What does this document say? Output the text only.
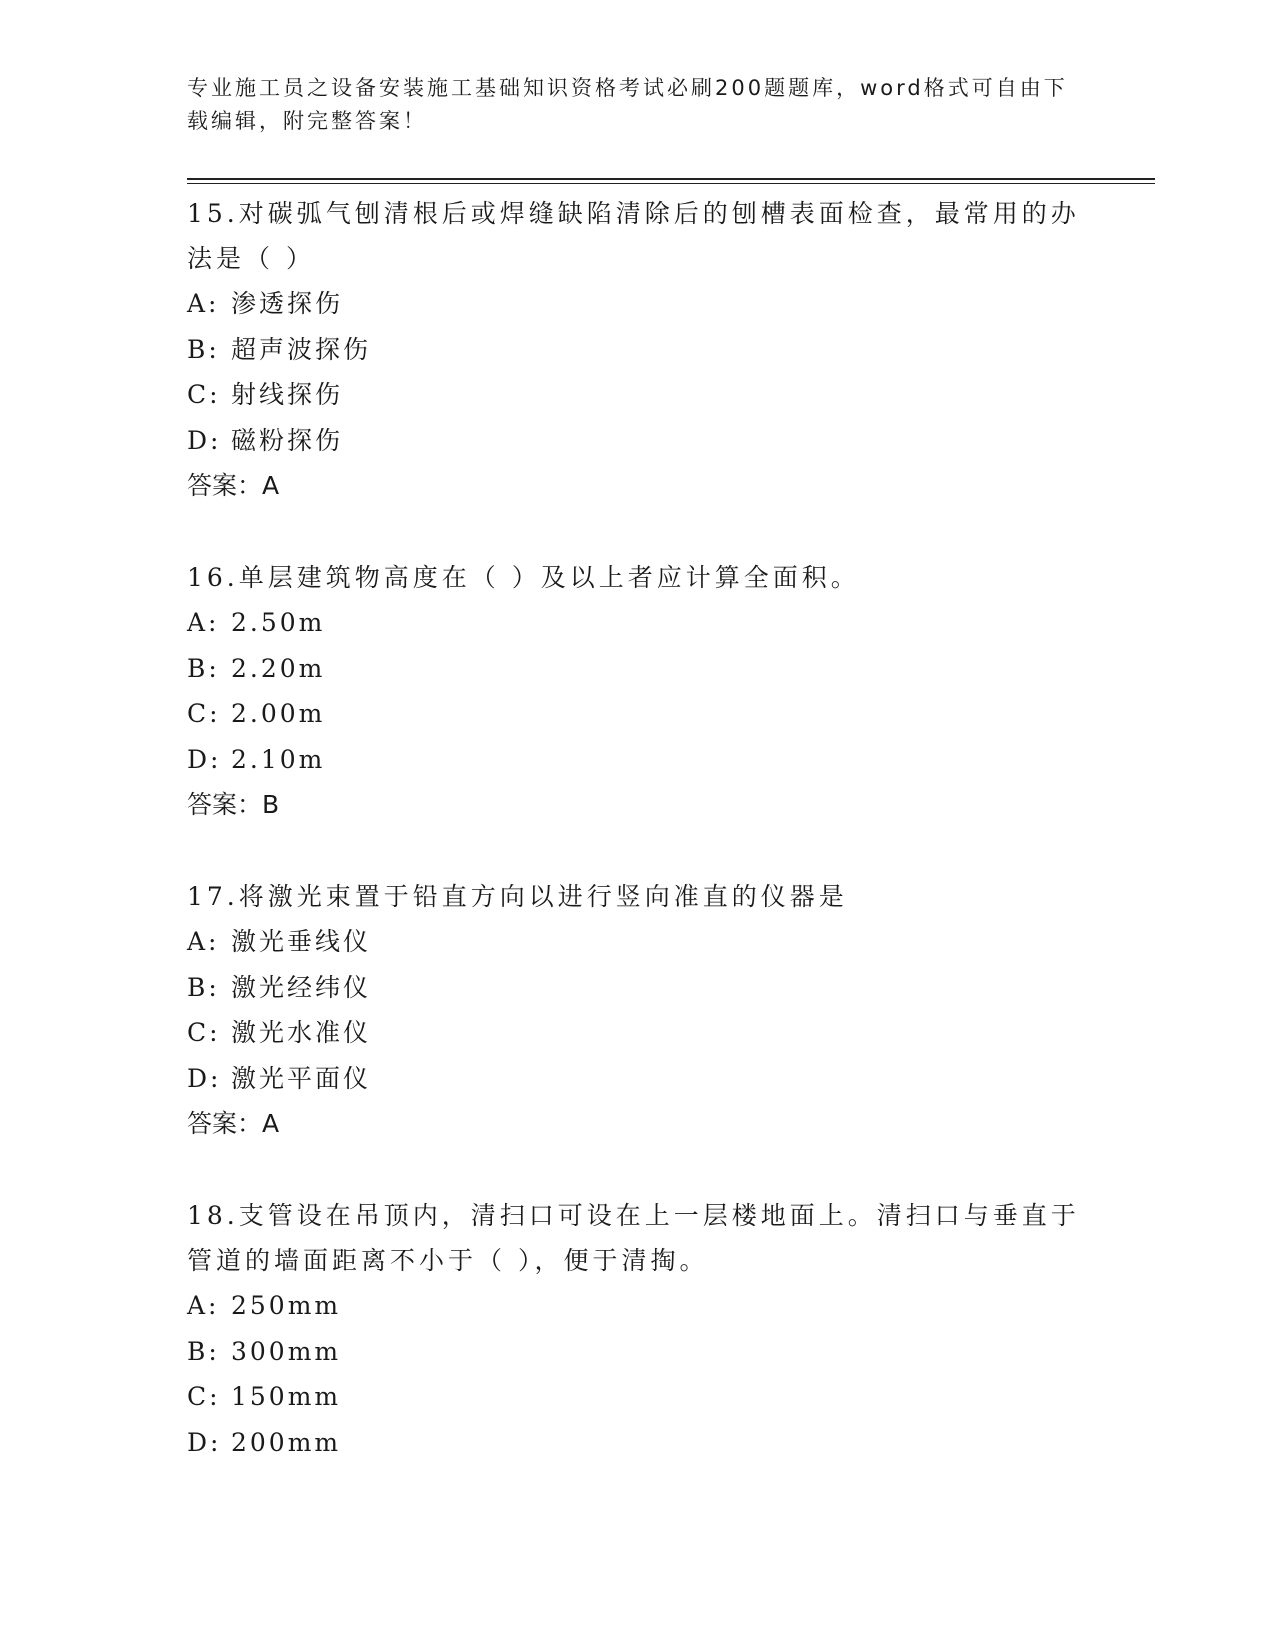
专业施工员之设备安装施工基础知识资格考试必刷200题题库，word格式可自由下载编辑，附完整答案！

15.对碳弧气刨清根后或焊缝缺陷清除后的刨槽表面检查，最常用的办法是（ ）

A: 渗透探伤
B: 超声波探伤
C: 射线探伤
D: 磁粉探伤
答案：A

16.单层建筑物高度在（ ）及以上者应计算全面积。

A: 2.50m
B: 2.20m
C: 2.00m
D: 2.10m
答案：B

17.将激光束置于铅直方向以进行竖向准直的仪器是

A: 激光垂线仪
B: 激光经纬仪
C: 激光水准仪
D: 激光平面仪
答案：A

18.支管设在吊顶内，清扫口可设在上一层楼地面上。清扫口与垂直于管道的墙面距离不小于（ ），便于清掏。

A: 250mm
B: 300mm
C: 150mm
D: 200mm
